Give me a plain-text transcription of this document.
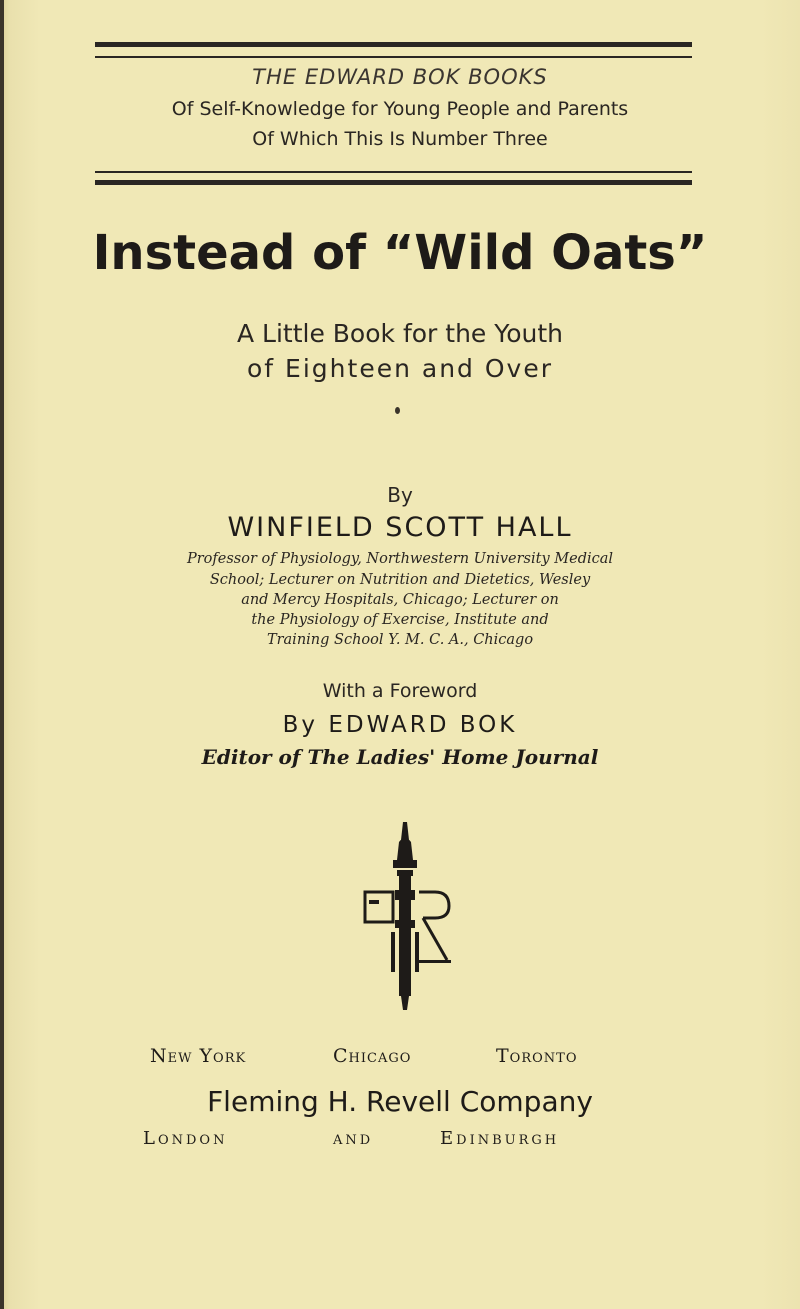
THE EDWARD BOK BOOKS
Of Self-Knowledge for Young People and Parents
Of Which This Is Number Three
Instead of “Wild Oats”
A Little Book for the Youth
of Eighteen and Over
By
WINFIELD SCOTT HALL
Professor of Physiology, Northwestern University Medical
School; Lecturer on Nutrition and Dietetics, Wesley
and Mercy Hospitals, Chicago; Lecturer on
the Physiology of Exercise, Institute and
Training School Y. M. C. A., Chicago
With a Foreword
By EDWARD BOK
Editor of The Ladies' Home Journal
New York	Chicago	Toronto
Fleming H. Revell Company
London	and	Edinburgh
